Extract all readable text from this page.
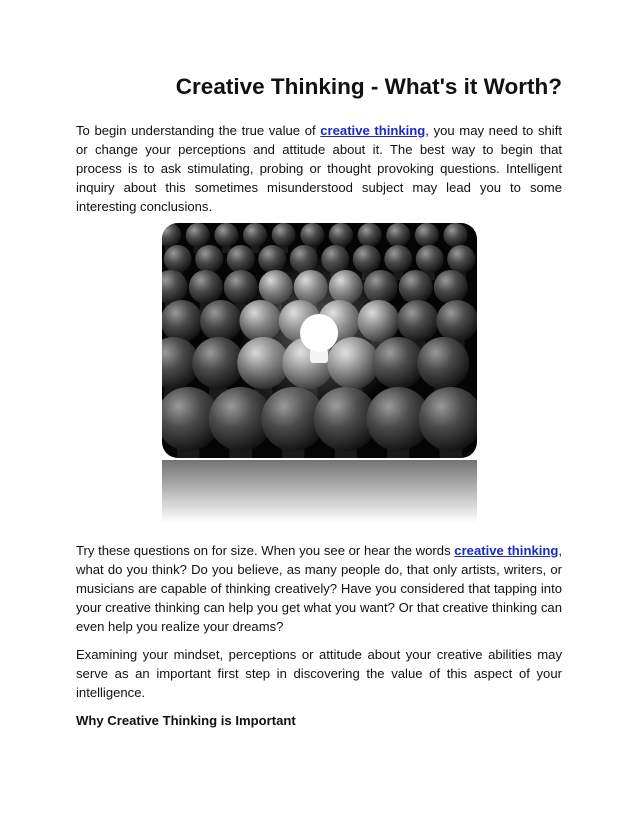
Creative Thinking - What's it Worth?

To begin understanding the true value of creative thinking, you may need to shift or change your perceptions and attitude about it. The best way to begin that process is to ask stimulating, probing or thought provoking questions. Intelligent inquiry about this sometimes misunderstood subject may lead you to some interesting conclusions.

Try these questions on for size. When you see or hear the words creative thinking, what do you think? Do you believe, as many people do, that only artists, writers, or musicians are capable of thinking creatively? Have you considered that tapping into your creative thinking can help you get what you want? Or that creative thinking can even help you realize your dreams?

Examining your mindset, perceptions or attitude about your creative abilities may serve as an important first step in discovering the value of this aspect of your intelligence.

Why Creative Thinking is Important
